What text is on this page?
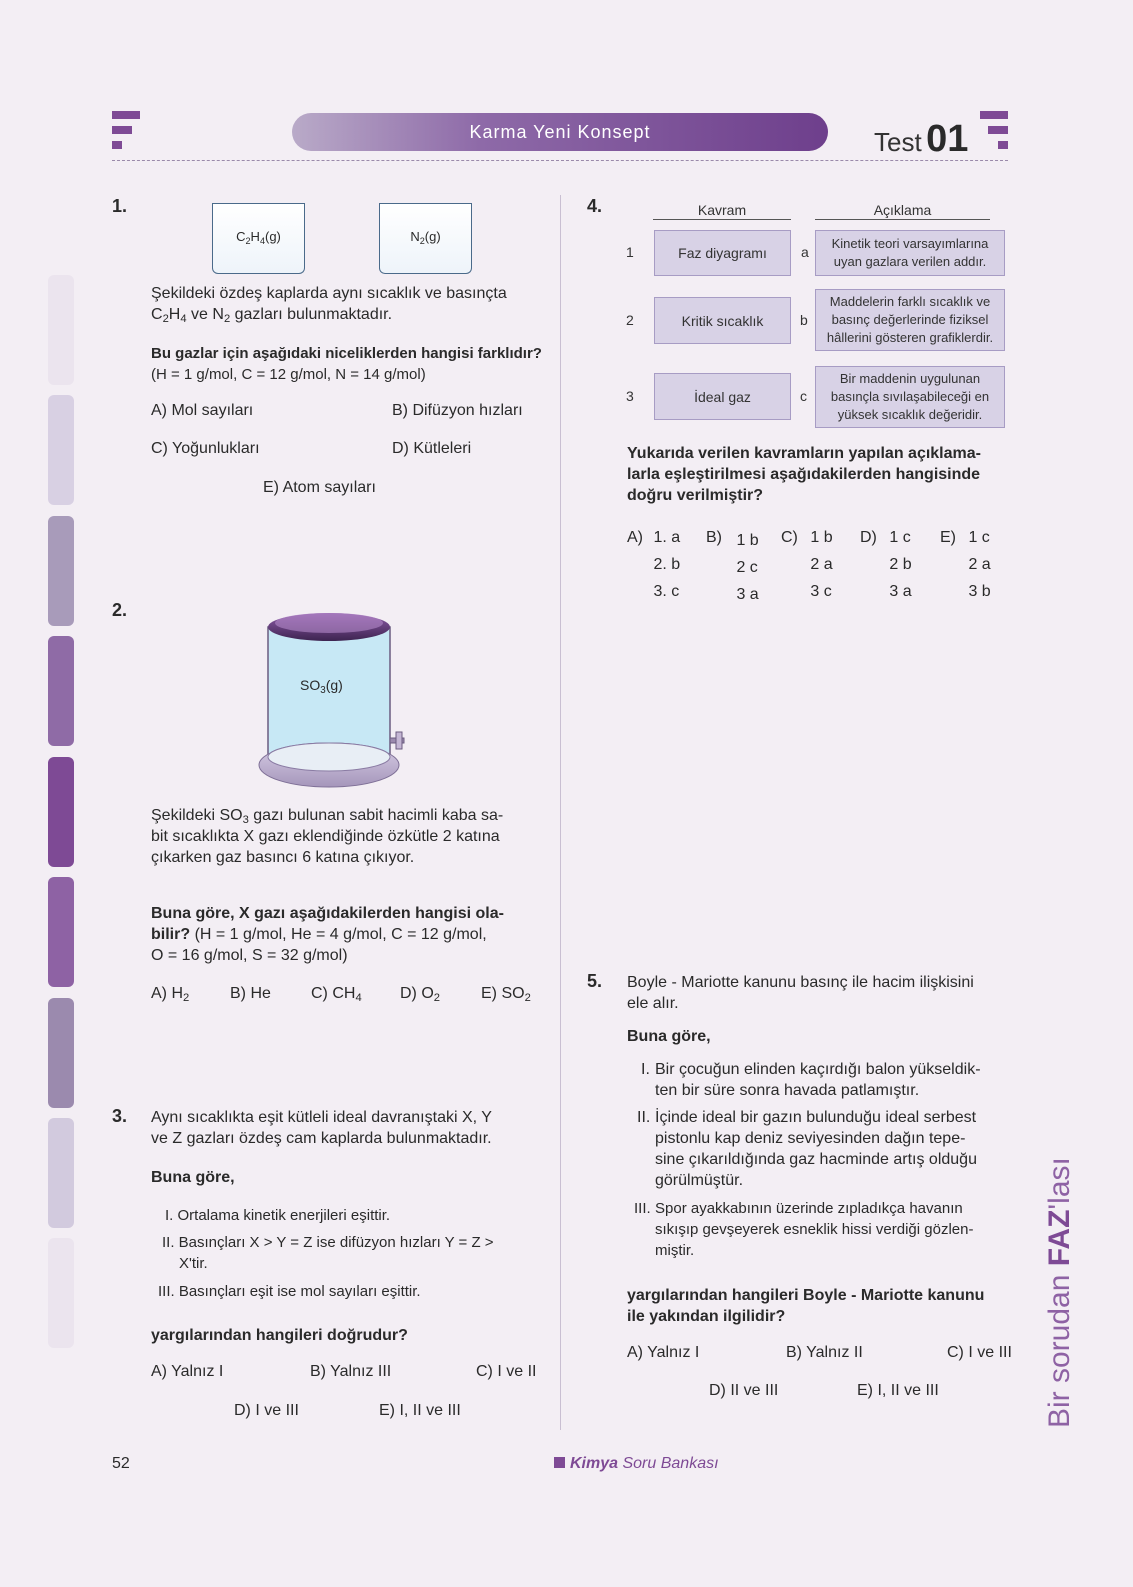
Karma Yeni Konsept	Test 01
1.
$C_2H_4(g)$	$N_2(g)$
Şekildeki özdeş kaplarda aynı sıcaklık ve basınçta
$C_2H_4$ ve $N_2$ gazları bulunmaktadır.
Bu gazlar için aşağıdaki niceliklerden hangisi farklıdır?
(H = 1 g/mol, C = 12 g/mol, N = 14 g/mol)
A) Mol sayıları	B) Difüzyon hızları
C) Yoğunlukları	D) Kütleleri
E) Atom sayıları
2.
$SO_3(g)$
Şekildeki $SO_3$ gazı bulunan sabit hacimli kaba sa-
bit sıcaklıkta X gazı eklendiğinde özkütle 2 katına
çıkarken gaz basıncı 6 katına çıkıyor.
Buna göre, X gazı aşağıdakilerden hangisi ola-
bilir? (H = 1 g/mol, He = 4 g/mol, C = 12 g/mol,
O = 16 g/mol, S = 32 g/mol)
A) $H_2$	B) He	C) $CH_4$ D) $O_2$	E) $SO_2$
3. Aynı sıcaklıkta eşit kütleli ideal davranıştaki X, Y
ve Z gazları özdeş cam kaplarda bulunmaktadır.
Buna göre,
I. Ortalama kinetik enerjileri eşittir.
II. Basınçları X > Y = Z ise difüzyon hızları Y = Z >
X'tir.
III. Basınçları eşit ise mol sayıları eşittir.
yargılarından hangileri doğrudur?
A) Yalnız I	B) Yalnız III	C) I ve II
D) I ve III	E) I, II ve III
4.	Kavram	Açıklama
1	Faz diyagramı	a
Kinetik teori varsayımlarına
uyan gazlara verilen addır.
2	Kritik sıcaklık	b
Maddelerin farklı sıcaklık ve
basınç değerlerinde fiziksel
hâllerini gösteren grafiklerdir.
3	İdeal gaz	c
Bir maddenin uygulunan
basınçla sıvılaşabileceği en
yüksek sıcaklık değeridir.
Yukarıda verilen kavramların yapılan açıklama-
larla eşleştirilmesi aşağıdakilerden hangisinde
doğru verilmiştir?
A) 1. a
2. b
3. c
B) 1 b
2 c
3 a
C) 1 b
2 a
3 c
D) 1 c
2 b
3 a
E) 1 c
2 a
3 b
5. Boyle - Mariotte kanunu basınç ile hacim ilişkisini
ele alır.
Buna göre,
I. Bir çocuğun elinden kaçırdığı balon yükseldik-
ten bir süre sonra havada patlamıştır.
II. İçinde ideal bir gazın bulunduğu ideal serbest
pistonlu kap deniz seviyesinden dağın tepe-
sine çıkarıldığında gaz hacminde artış olduğu
görülmüştür.
III. Spor ayakkabının üzerinde zıpladıkça havanın
sıkışıp gevşeyerek esneklik hissi verdiği gözlen-
miştir.
yargılarından hangileri Boyle - Mariotte kanunu
ile yakından ilgilidir?
A) Yalnız I	B) Yalnız II	C) I ve III
D) II ve III	E) I, II ve III	Bir sorudan FAZ'lası
52	Kimya Soru Bankası
